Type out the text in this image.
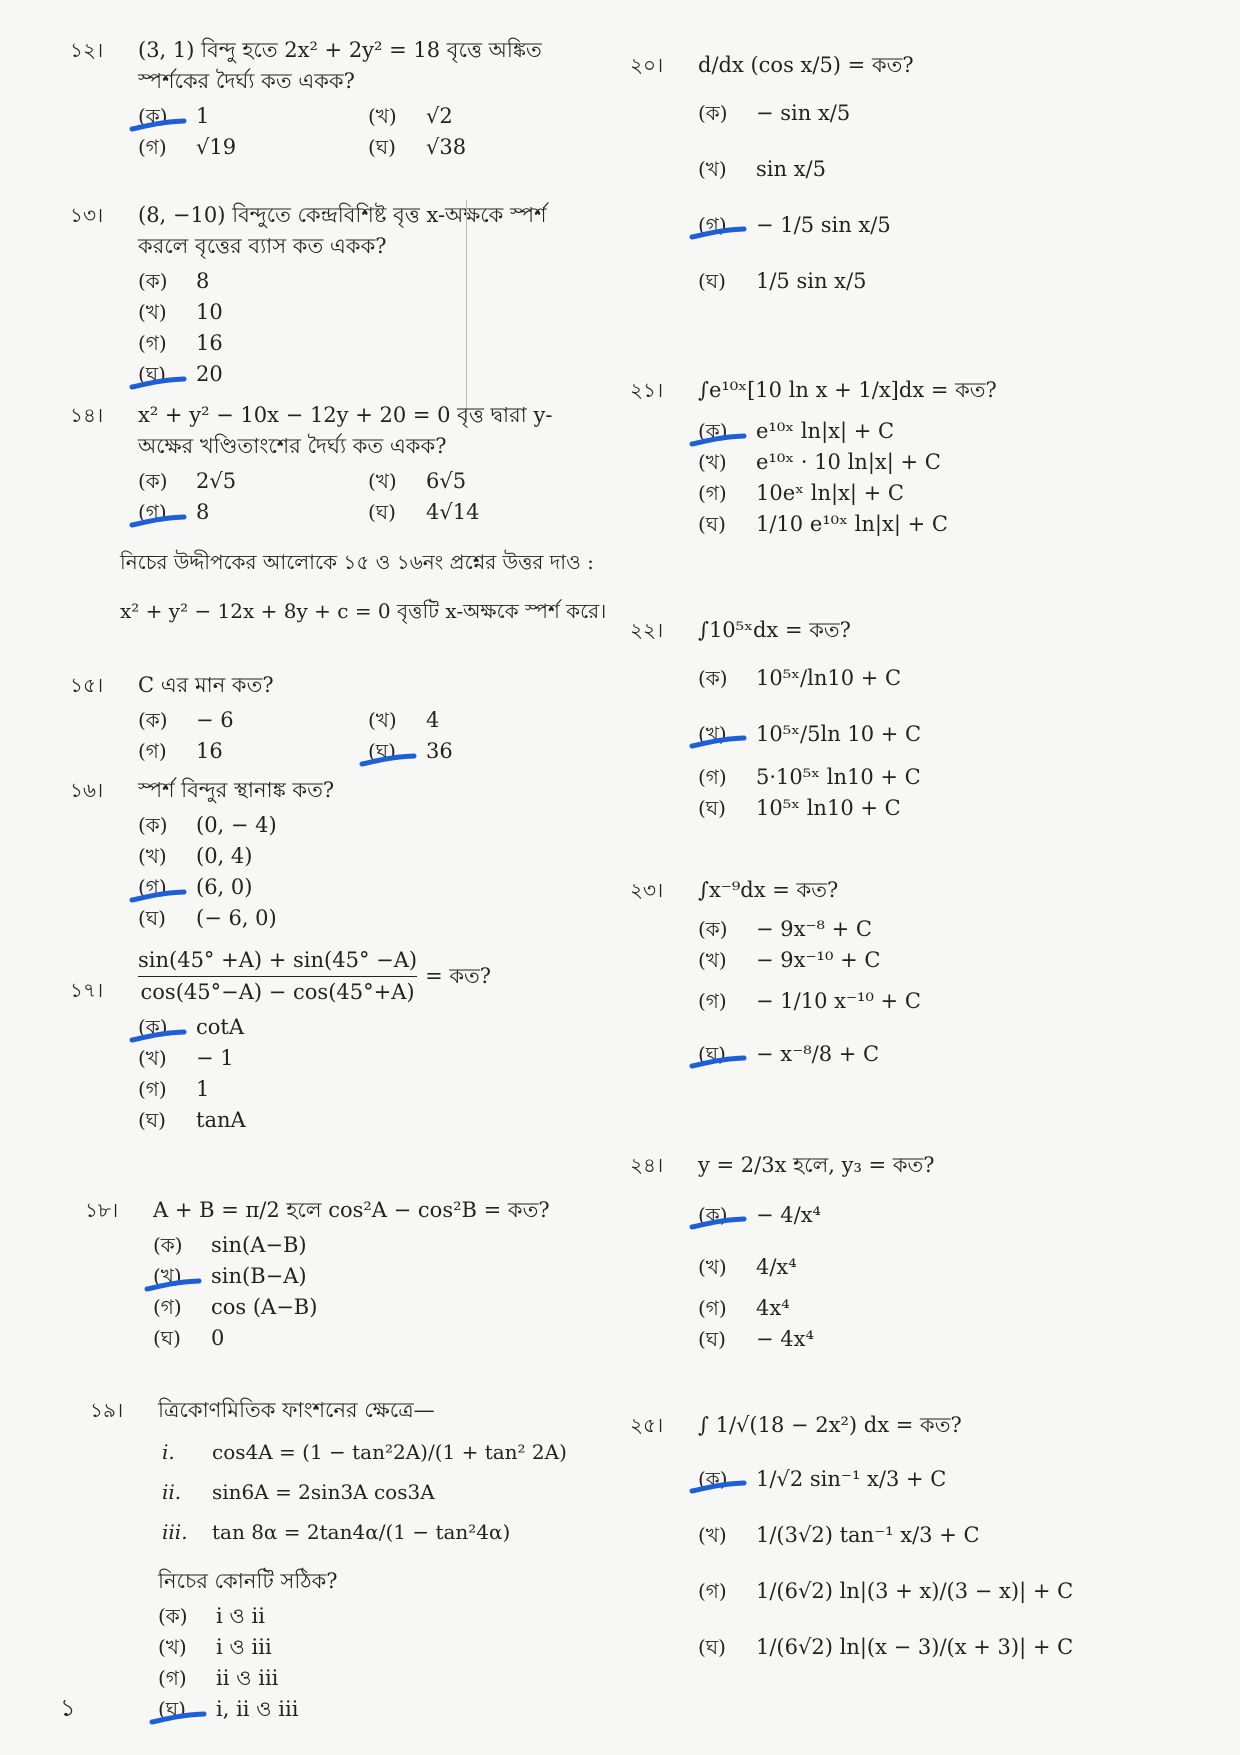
১২।	(3, 1) বিন্দু হতে 2x² + 2y² = 18 বৃত্তে অঙ্কিত স্পর্শকের দৈর্ঘ্য কত একক?
(ক)	1	(খ)	√2
(গ)	√19	(ঘ)	√38
১৩।	(8, −10) বিন্দুতে কেন্দ্রবিশিষ্ট বৃত্ত x-অক্ষকে স্পর্শ করলে বৃত্তের ব্যাস কত একক?
(ক)	8
(খ)	10
(গ)	16
(ঘ)	20
১৪।	x² + y² − 10x − 12y + 20 = 0 বৃত্ত দ্বারা y-অক্ষের খণ্ডিতাংশের দৈর্ঘ্য কত একক?
(ক)	2√5	(খ)	6√5
(গ)	8	(ঘ)	4√14
নিচের উদ্দীপকের আলোকে ১৫ ও ১৬নং প্রশ্নের উত্তর দাও :
x² + y² − 12x + 8y + c = 0 বৃত্তটি x-অক্ষকে স্পর্শ করে।
১৫।	C এর মান কত?
(ক)	− 6	(খ)	4
(গ)	16	(ঘ)	36
১৬।	স্পর্শ বিন্দুর স্থানাঙ্ক কত?
(ক)	(0, − 4)
(খ)	(0, 4)
(গ)	(6, 0)
(ঘ)	(− 6, 0)
১৭।
sin(45° +A) + sin(45° −A)
cos(45°−A) − cos(45°+A)
= কত?
(ক)	cotA
(খ)	− 1
(গ)	1
(ঘ)	tanA
১৮।	A + B = π/2 হলে cos²A − cos²B = কত?
(ক)	sin(A−B)
(খ)	sin(B−A)
(গ)	cos (A−B)
(ঘ)	0
১৯।	ত্রিকোণমিতিক ফাংশনের ক্ষেত্রে—
i.	cos4A = (1 − tan²2A)/(1 + tan² 2A)
ii.	sin6A = 2sin3A cos3A
iii.	tan 8α = 2tan4α/(1 − tan²4α)
নিচের কোনটি সঠিক?
(ক)	i ও ii
(খ)	i ও iii
(গ)	ii ও iii
(ঘ)	i, ii ও iii
২০।	d/dx (cos x/5) = কত?
(ক)	− sin x/5
(খ)	sin x/5
(গ)	− 1/5 sin x/5
(ঘ)	1/5 sin x/5
২১।	∫e¹⁰ˣ[10 ln x + 1/x]dx = কত?
(ক)	e¹⁰ˣ ln|x| + C
(খ)	e¹⁰ˣ · 10 ln|x| + C
(গ)	10eˣ ln|x| + C
(ঘ)	1/10 e¹⁰ˣ ln|x| + C
২২।	∫10⁵ˣdx = কত?
(ক)	10⁵ˣ/ln10 + C
(খ)	10⁵ˣ/5ln 10 + C
(গ)	5·10⁵ˣ ln10 + C
(ঘ)	10⁵ˣ ln10 + C
২৩।	∫x⁻⁹dx = কত?
(ক)	− 9x⁻⁸ + C
(খ)	− 9x⁻¹⁰ + C
(গ)	− 1/10 x⁻¹⁰ + C
(ঘ)	− x⁻⁸/8 + C
২৪।	y = 2/3x হলে, y₃ = কত?
(ক)	− 4/x⁴
(খ)	4/x⁴
(গ)	4x⁴
(ঘ)	− 4x⁴
২৫।	∫ 1/√(18 − 2x²) dx = কত?
(ক)	1/√2 sin⁻¹ x/3 + C
(খ)	1/(3√2) tan⁻¹ x/3 + C
(গ)	1/(6√2) ln|(3 + x)/(3 − x)| + C
(ঘ)	1/(6√2) ln|(x − 3)/(x + 3)| + C
১
